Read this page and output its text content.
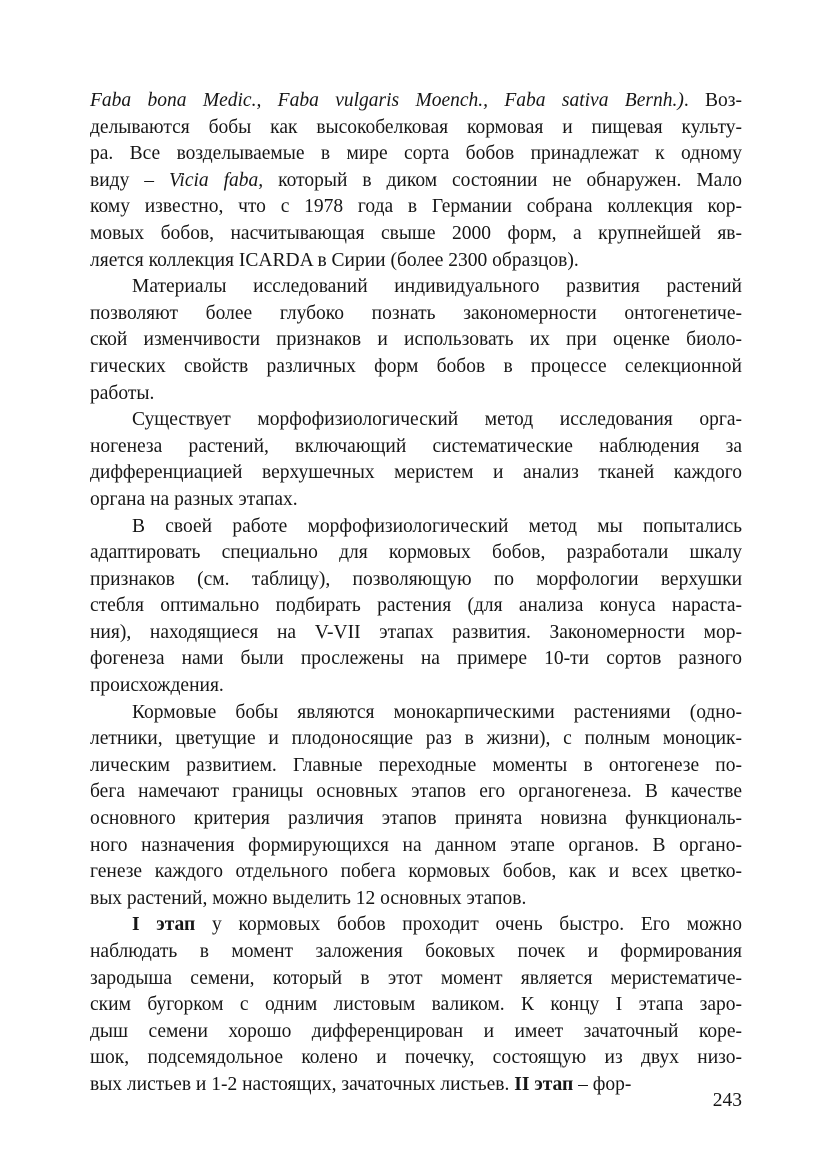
Faba bona Medic., Faba vulgaris Moench., Faba sativa Bernh.). Воз-
делываются бобы как высокобелковая кормовая и пищевая культу-
ра. Все возделываемые в мире сорта бобов принадлежат к одному
виду – Vicia faba, который в диком состоянии не обнаружен. Мало
кому известно, что с 1978 года в Германии собрана коллекция кор-
мовых бобов, насчитывающая свыше 2000 форм, а крупнейшей яв-
ляется коллекция ICARDA в Сирии (более 2300 образцов).
Материалы исследований индивидуального развития растений
позволяют более глубоко познать закономерности онтогенетиче-
ской изменчивости признаков и использовать их при оценке биоло-
гических свойств различных форм бобов в процессе селекционной
работы.
Существует морфофизиологический метод исследования орга-
ногенеза растений, включающий систематические наблюдения за
дифференциацией верхушечных меристем и анализ тканей каждого
органа на разных этапах.
В своей работе морфофизиологический метод мы попытались
адаптировать специально для кормовых бобов, разработали шкалу
признаков (см. таблицу), позволяющую по морфологии верхушки
стебля оптимально подбирать растения (для анализа конуса нараста-
ния), находящиеся на V-VII этапах развития. Закономерности мор-
фогенеза нами были прослежены на примере 10-ти сортов разного
происхождения.
Кормовые бобы являются монокарпическими растениями (одно-
летники, цветущие и плодоносящие раз в жизни), с полным моноцик-
лическим развитием. Главные переходные моменты в онтогенезе по-
бега намечают границы основных этапов его органогенеза. В качестве
основного критерия различия этапов принята новизна функциональ-
ного назначения формирующихся на данном этапе органов. В органо-
генезе каждого отдельного побега кормовых бобов, как и всех цветко-
вых растений, можно выделить 12 основных этапов.
I этап у кормовых бобов проходит очень быстро. Его можно
наблюдать в момент заложения боковых почек и формирования
зародыша семени, который в этот момент является меристематиче-
ским бугорком с одним листовым валиком. К концу I этапа заро-
дыш семени хорошо дифференцирован и имеет зачаточный коре-
шок, подсемядольное колено и почечку, состоящую из двух низо-
вых листьев и 1-2 настоящих, зачаточных листьев. II этап – фор-
243
